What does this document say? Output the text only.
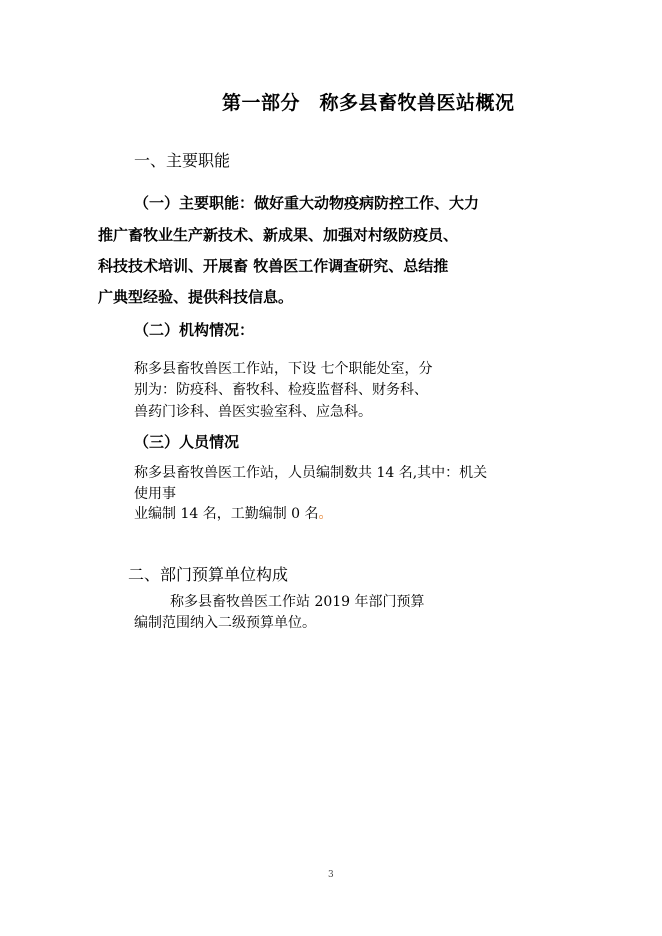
第一部分　称多县畜牧兽医站概况

一、主要职能

（一）主要职能：做好重大动物疫病防控工作、大力

推广畜牧业生产新技术、新成果、加强对村级防疫员、

科技技术培训、开展畜 牧兽医工作调查研究、总结推

广典型经验、提供科技信息。

（二）机构情况：

称多县畜牧兽医工作站，下设 七个职能处室，分

别为：防疫科、畜牧科、检疫监督科、财务科、

兽药门诊科、兽医实验室科、应急科。

（三）人员情况

称多县畜牧兽医工作站，人员编制数共 14 名,其中：机关

使用事

业编制 14 名，工勤编制 0 名。

二、部门预算单位构成

称多县畜牧兽医工作站 2019 年部门预算

编制范围纳入二级预算单位。

3
